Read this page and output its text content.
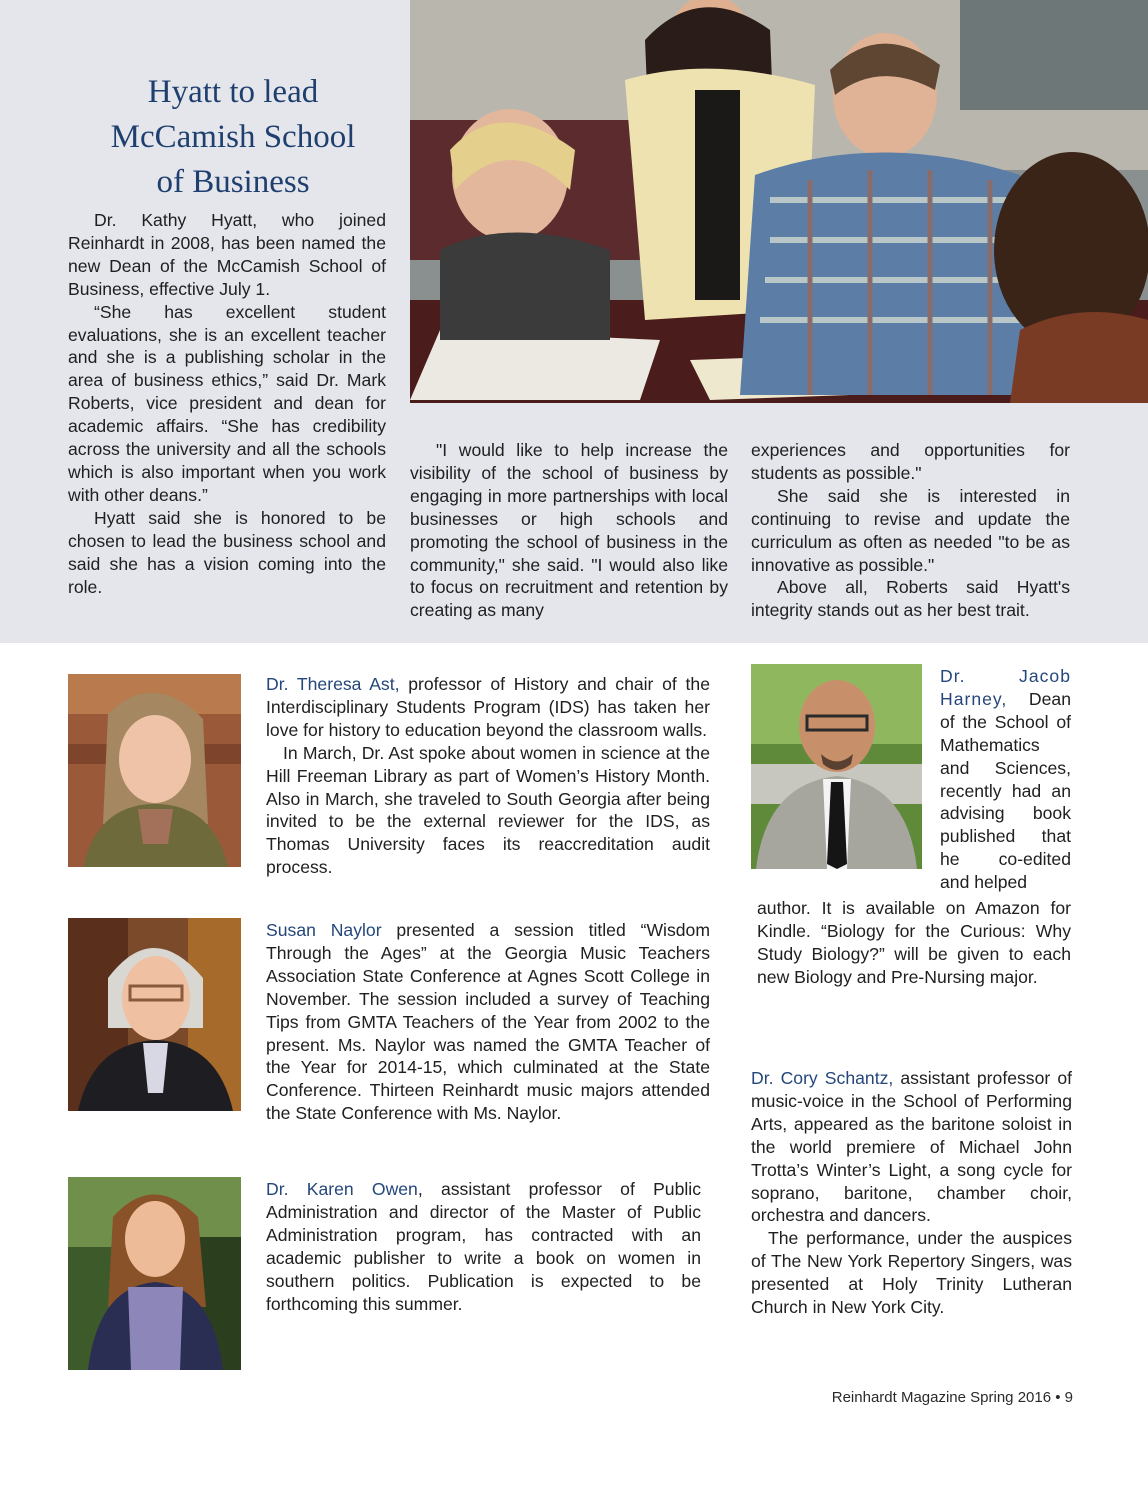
Hyatt to lead
McCamish School
of Business

Dr. Kathy Hyatt, who joined Reinhardt in 2008, has been named the new Dean of the McCamish School of Business, effective July 1.

“She has excellent student evaluations, she is an excellent teacher and she is a publishing scholar in the area of business ethics,” said Dr. Mark Roberts, vice president and dean for academic affairs. “She has credibility across the university and all the schools which is also important when you work with other deans.”

Hyatt said she is honored to be chosen to lead the business school and said she has a vision coming into the role.

"I would like to help increase the visibility of the school of business by engaging in more partnerships with local businesses or high schools and promoting the school of business in the community," she said. "I would also like to focus on recruitment and retention by creating as many

experiences and opportunities for students as possible."

She said she is interested in continuing to revise and update the curriculum as often as needed "to be as innovative as possible."

Above all, Roberts said Hyatt's integrity stands out as her best trait.

Dr. Theresa Ast, professor of History and chair of the Interdisciplinary Students Program (IDS) has taken her love for history to education beyond the classroom walls.

In March, Dr. Ast spoke about women in science at the Hill Freeman Library as part of Women’s History Month. Also in March, she traveled to South Georgia after being invited to be the external reviewer for the IDS, as Thomas University faces its reaccreditation audit process.

Susan Naylor presented a session titled “Wisdom Through the Ages” at the Georgia Music Teachers Association State Conference at Agnes Scott College in November. The session included a survey of Teaching Tips from GMTA Teachers of the Year from 2002 to the present. Ms. Naylor was named the GMTA Teacher of the Year for 2014-15, which culminated at the State Conference. Thirteen Reinhardt music majors attended the State Conference with Ms. Naylor.

Dr. Karen Owen, assistant professor of Public Administration and director of the Master of Public Administration program, has contracted with an academic publisher to write a book on women in southern politics. Publication is expected to be forthcoming this summer.

Dr. Jacob Harney, Dean of the School of Mathematics and Sciences, recently had an advising book published that he co-edited and helped

author. It is available on Amazon for Kindle. “Biology for the Curious: Why Study Biology?” will be given to each new Biology and Pre-Nursing major.

Dr. Cory Schantz, assistant professor of music-voice in the School of Performing Arts, appeared as the baritone soloist in the world premiere of Michael John Trotta’s Winter’s Light, a song cycle for soprano, baritone, chamber choir, orchestra and dancers.

The performance, under the auspices of The New York Repertory Singers, was presented at Holy Trinity Lutheran Church in New York City.

Reinhardt Magazine Spring 2016 • 9
